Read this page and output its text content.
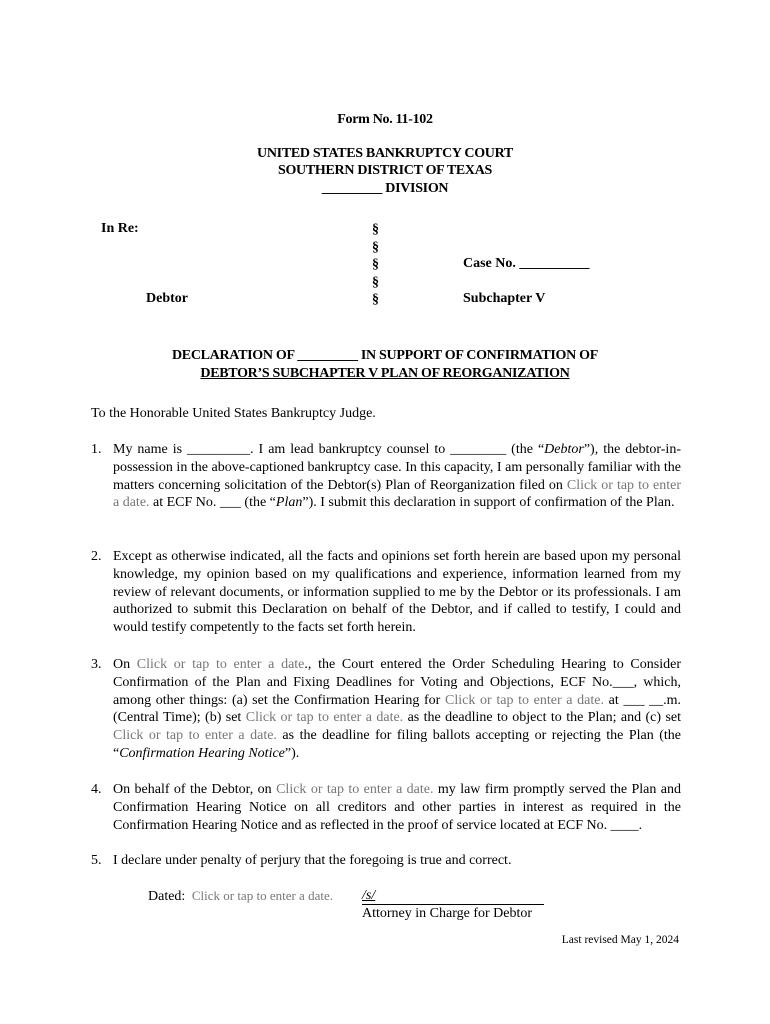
Form No. 11-102
UNITED STATES BANKRUPTCY COURT
SOUTHERN DISTRICT OF TEXAS
_________ DIVISION
In Re:	§
§
§
§
§
Case No. __________
Debtor	Subchapter V
DECLARATION OF _________ IN SUPPORT OF CONFIRMATION OF
DEBTOR’S SUBCHAPTER V PLAN OF REORGANIZATION
To the Honorable United States Bankruptcy Judge.
1. My name is _________. I am lead bankruptcy counsel to ________ (the “Debtor”), the debtor-in-possession in the above-captioned bankruptcy case. In this capacity, I am personally familiar with the matters concerning solicitation of the Debtor(s) Plan of Reorganization filed on Click or tap to enter a date. at ECF No. ___ (the “Plan”). I submit this declaration in support of confirmation of the Plan.
2. Except as otherwise indicated, all the facts and opinions set forth herein are based upon my personal knowledge, my opinion based on my qualifications and experience, information learned from my review of relevant documents, or information supplied to me by the Debtor or its professionals. I am authorized to submit this Declaration on behalf of the Debtor, and if called to testify, I could and would testify competently to the facts set forth herein.
3. On Click or tap to enter a date., the Court entered the Order Scheduling Hearing to Consider Confirmation of the Plan and Fixing Deadlines for Voting and Objections, ECF No.___, which, among other things: (a) set the Confirmation Hearing for Click or tap to enter a date. at ___ __.m. (Central Time); (b) set Click or tap to enter a date. as the deadline to object to the Plan; and (c) set Click or tap to enter a date. as the deadline for filing ballots accepting or rejecting the Plan (the “Confirmation Hearing Notice”).
4. On behalf of the Debtor, on Click or tap to enter a date. my law firm promptly served the Plan and Confirmation Hearing Notice on all creditors and other parties in interest as required in the Confirmation Hearing Notice and as reflected in the proof of service located at ECF No. ____.
5. I declare under penalty of perjury that the foregoing is true and correct.
Dated: Click or tap to enter a date. /s/
Attorney in Charge for Debtor
Last revised May 1, 2024
